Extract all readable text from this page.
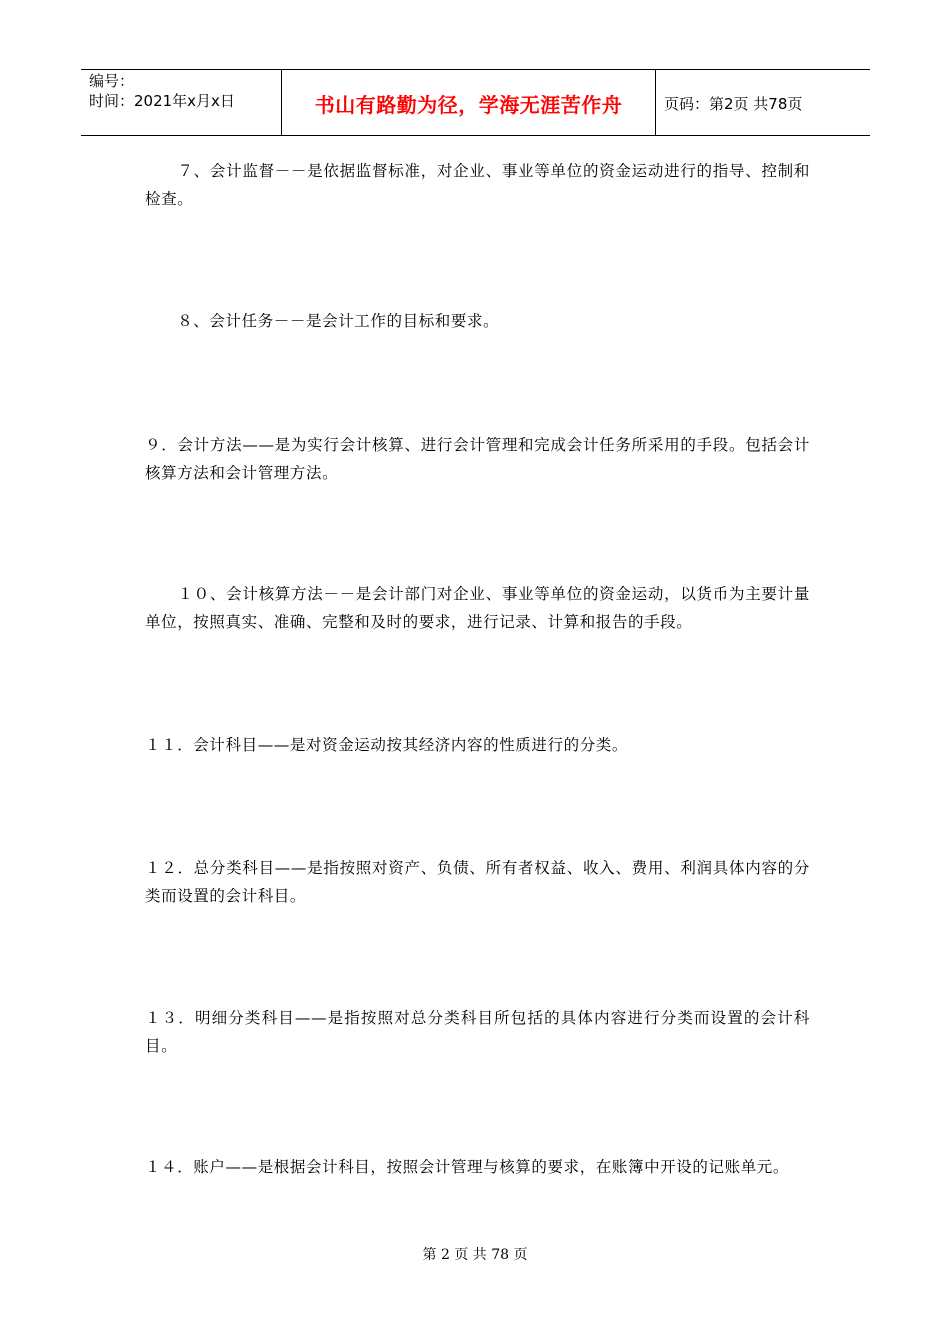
编号：
时间：2021年x月x日	书山有路勤为径，学海无涯苦作舟	页码：第2页 共78页

　　７、会计监督－－是依据监督标准，对企业、事业等单位的资金运动进行的指导、控制和检查。

　　８、会计任务－－是会计工作的目标和要求。

９．会计方法——是为实行会计核算、进行会计管理和完成会计任务所采用的手段。包括会计核算方法和会计管理方法。

　　１０、会计核算方法－－是会计部门对企业、事业等单位的资金运动，以货币为主要计量单位，按照真实、准确、完整和及时的要求，进行记录、计算和报告的手段。

１１．会计科目——是对资金运动按其经济内容的性质进行的分类。

１２．总分类科目——是指按照对资产、负债、所有者权益、收入、费用、利润具体内容的分类而设置的会计科目。

１３．明细分类科目——是指按照对总分类科目所包括的具体内容进行分类而设置的会计科目。

１４．账户——是根据会计科目，按照会计管理与核算的要求，在账簿中开设的记账单元。

第 2 页 共 78 页
